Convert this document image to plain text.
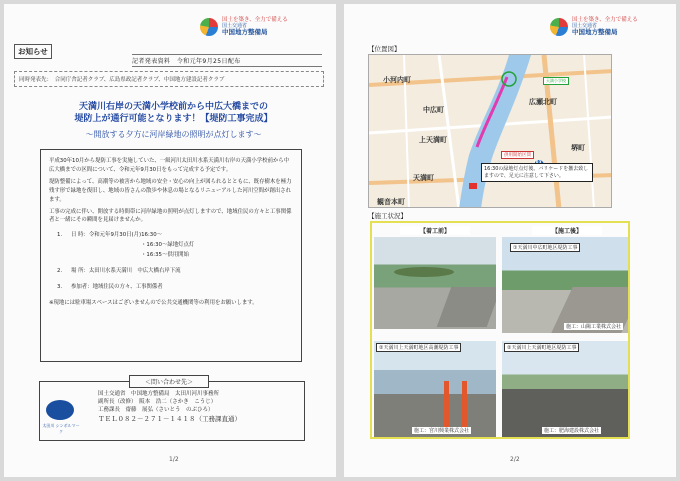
国土を築き、全力で備える
国土交通省
中国地方整備局
お知らせ
記者発表資料　令和元年9月25日配布
同時発表先：　合同庁舎記者クラブ、広島県政記者クラブ、中国地方建設記者クラブ
天満川右岸の天満小学校前から中広大橋までの
堤防上が通行可能となります！【堤防工事完成】
～開放する夕方に河岸緑地の照明が点灯します～

平成30年10月から堤防工事を実施していた、一級河川太田川水系天満川右岸の天満小学校前から中広大橋までの区間について、令和元年9月30日をもって完成する予定です。

堤防整備によって、高潮等の被害から地域の安全・安心の向上が図られるとともに、既存樹木を極力残す形で緑地を復旧し、地域の皆さんの散歩や休息の場となるリニューアルした河川空間が創出されます。

工事の完成に伴い、開放する時間帯に河岸緑地の照明が点灯しますので、地域住民の方々と工事関係者と一緒にその瞬間を見届けませんか。

1.	日 時：令和元年9月30日(月)16:30～
・16:30～緑地灯点灯
・16:35～供用開始
2.	場 所：太田川水系天満川　中広大橋右岸下流
3.	参加者：地域住民の方々、工事関係者
※現地には駐車場スペースはございませんので公共交通機関等の利用をお願いします。
＜問い合わせ先＞
太田川 シンボルマーク
国土交通省　中国地方整備局　太田川河川事務所
副所長（改修）　阪本　浩二（さかき　こうじ）
工務課長　齋藤　展弘（さいとう　のぶひろ）
ＴＥＬ０８２－２７１－１４１８（工務課直通）
1/2
国土を築き、全力で備える
国土交通省
中国地方整備局
【位置図】
小河内町
中広町
広瀬北町
上天満町
天満町
観音本町
堺町
天満小学校
供用開始区間
16:30の緑地灯点灯後、バリケードを撤去致しますので、足元に注意して下さい。
【施工状況】
【着工前】	【施工後】
①天満川中広町地区堤防工事
施工：山陽工業株式会社
②天満川上天満町地区高潮堤防工事
施工：宮川興業株式会社
②天満川上天満町地区堤防工事
施工：肥海建設株式会社
2/2
